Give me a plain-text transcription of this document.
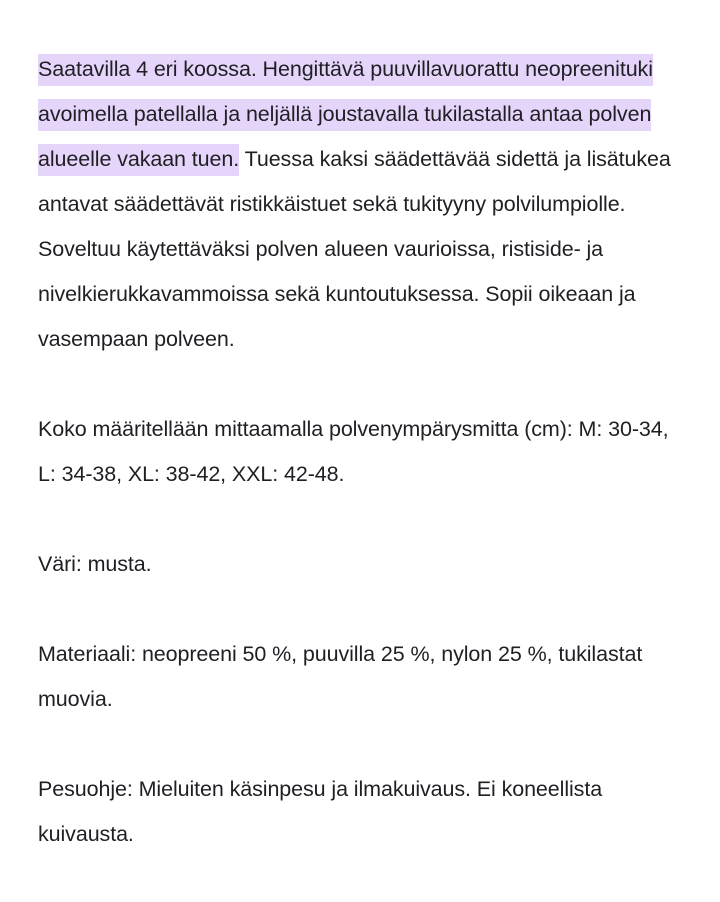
Saatavilla 4 eri koossa. Hengittävä puuvillavuorattu neopreenituki avoimella patellalla ja neljällä joustavalla tukilastalla antaa polven alueelle vakaan tuen. Tuessa kaksi säädettävää sidettä ja lisätukea antavat säädettävät ristikkäistuet sekä tukityyny polvilumpiolle. Soveltuu käytettäväksi polven alueen vaurioissa, ristiside- ja nivelkierukkavammoissa sekä kuntoutuksessa. Sopii oikeaan ja vasempaan polveen.

Koko määritellään mittaamalla polvenympärysmitta (cm): M: 30-34, L: 34-38, XL: 38-42, XXL: 42-48.

Väri: musta.

Materiaali: neopreeni 50 %, puuvilla 25 %, nylon 25 %, tukilastat muovia.

Pesuohje: Mieluiten käsinpesu ja ilmakuivaus. Ei koneellista kuivausta.
